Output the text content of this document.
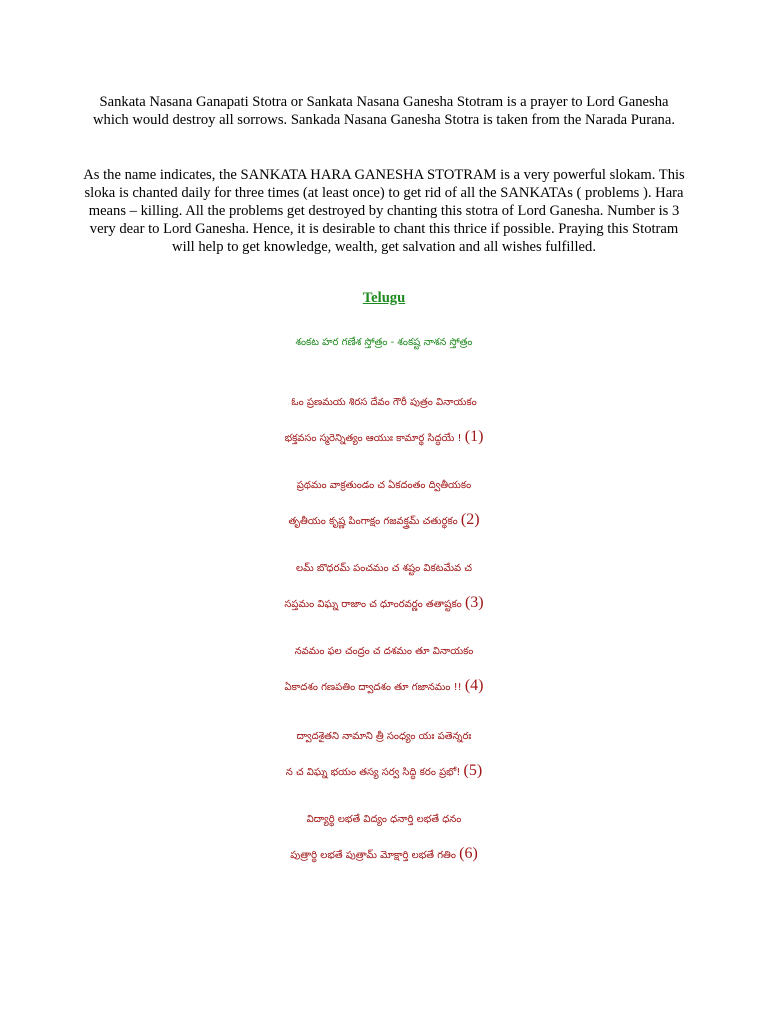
Sankata Nasana Ganapati Stotra or Sankata Nasana Ganesha Stotram is a prayer to Lord Ganesha which would destroy all sorrows. Sankada Nasana Ganesha Stotra is taken from the Narada Purana.

As the name indicates, the SANKATA HARA GANESHA STOTRAM is a very powerful slokam. This sloka is chanted daily for three times (at least once) to get rid of all the SANKATAs ( problems ). Hara means – killing. All the problems get destroyed by chanting this stotra of Lord Ganesha. Number is 3 very dear to Lord Ganesha. Hence, it is desirable to chant this thrice if possible. Praying this Stotram will help to get knowledge, wealth, get salvation and all wishes fulfilled.

Telugu
శంకట హర గణేశ స్తోత్రం - శంకష్ట నాశన స్తోత్రం
ఓం ప్రణమయ శిరస దేవం గౌరీ పుత్రం వినాయకం
భక్తవసం స్మరెన్నిత్యం ఆయుః కామార్థ సిద్ధయే ! (1)
ప్రథమం వాక్రతుండం చ ఏకదంతం ద్వితీయకం
తృతీయం కృష్ణ పింగాక్షం గజవక్త్రమ్ చతుర్థకం (2)
లమ్ బొధరమ్ పంచమం చ శష్టం వికటమేవ చ
సప్తమం విఘ్న రాజాం చ ధూంరవర్ణం తతాష్టకం (3)
నవమం ఫల చంద్రం చ దశమం తూ వినాయకం
ఏకాదశం గణపతిం ద్వాదశం తూ గజానమం !! (4)
ద్వాదశైతని నామాని త్రీ సంధ్యం యః పతెన్నరః
న చ విఘ్న భయం తస్య సర్వ సిద్ధి కరం ప్రభో! (5)
విద్యార్థి లభతే విద్యం ధనార్తి లభతే ధనం
పుత్రార్థి లభతే పుత్రామ్ మోక్షార్తి లభతే గతిం (6)
